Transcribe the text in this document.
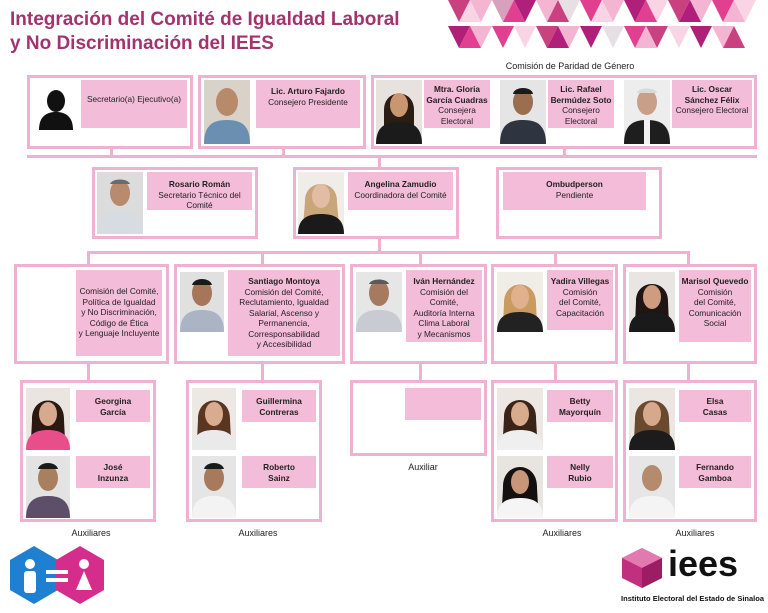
Integración del Comité de Igualdad Laboral
y No Discriminación del IEES
Comisión de Paridad de Género
Secretario(a) Ejecutivo(a)
Lic. Arturo Fajardo
Consejero Presidente
Mtra. Gloria
García Cuadras
Consejera Electoral
Lic. Rafael
Bermúdez Soto
Consejero Electoral
Lic. Oscar
Sánchez Félix
Consejero Electoral
Rosario Román
Secretario Técnico del Comité
Angelina Zamudio
Coordinadora del Comité
Ombudperson
Pendiente
Comisión del Comité,
Política de Igualdad
y No Discriminación,
Código de Ética
y Lenguaje Incluyente
Santiago Montoya
Comisión del Comité,
Reclutamiento, Igualdad
Salarial, Ascenso y Permanencia,
Corresponsabilidad
y Accesibilidad
Iván Hernández
Comisión del Comité,
Auditoría Interna
Clima Laboral
y Mecanismos
Yadira Villegas
Comisión
del Comité,
Capacitación
Marisol Quevedo
Comisión
del Comité,
Comunicación
Social
Georgina
García
José
Inzunza
Auxiliares
Guillermina
Contreras
Roberto
Sainz
Auxiliares
Auxiliar
Betty
Mayorquín
Nelly
Rubio
Auxiliares
Elsa
Casas
Fernando
Gamboa
Auxiliares
iees
Instituto Electoral del Estado de Sinaloa
